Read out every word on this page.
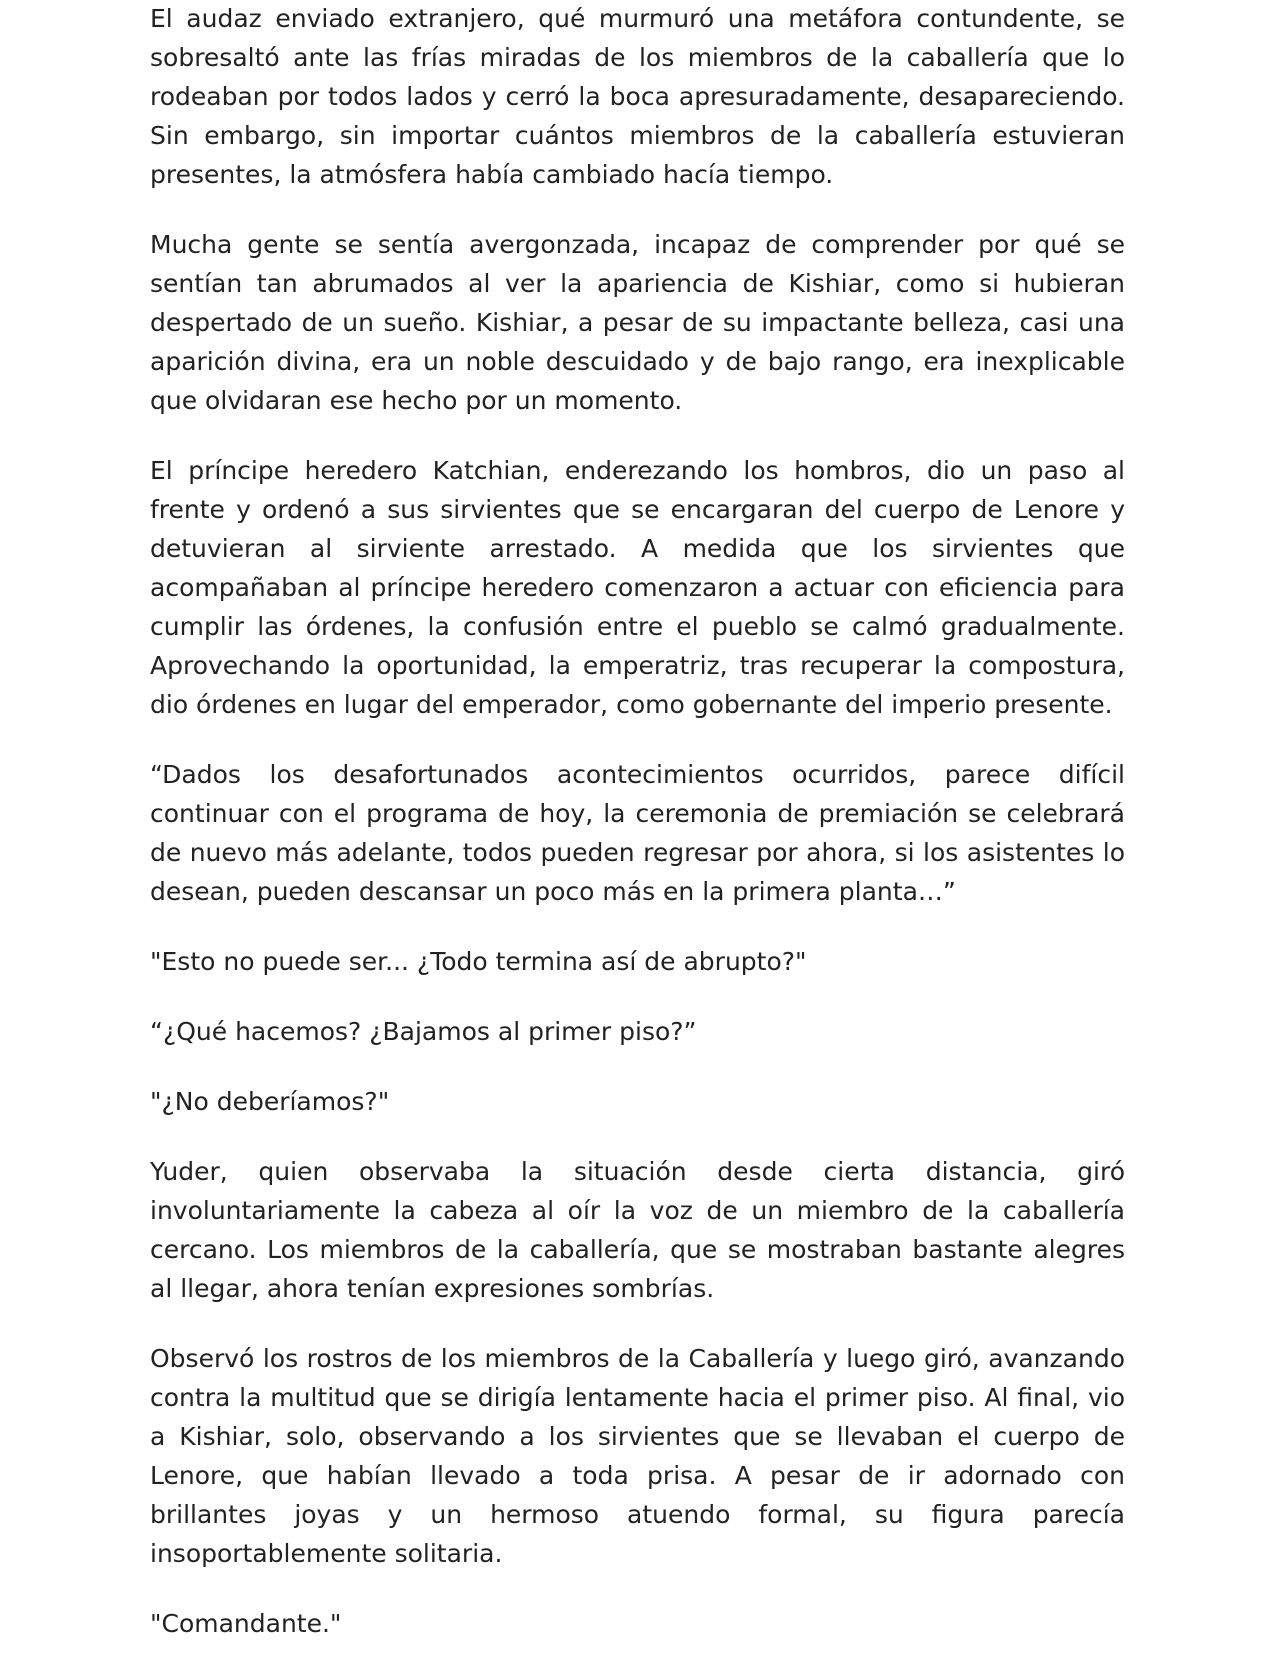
El audaz enviado extranjero, qué murmuró una metáfora contundente, se sobresaltó ante las frías miradas de los miembros de la caballería que lo rodeaban por todos lados y cerró la boca apresuradamente, desapareciendo. Sin embargo, sin importar cuántos miembros de la caballería estuvieran presentes, la atmósfera había cambiado hacía tiempo.

Mucha gente se sentía avergonzada, incapaz de comprender por qué se sentían tan abrumados al ver la apariencia de Kishiar, como si hubieran despertado de un sueño. Kishiar, a pesar de su impactante belleza, casi una aparición divina, era un noble descuidado y de bajo rango, era inexplicable que olvidaran ese hecho por un momento.

El príncipe heredero Katchian, enderezando los hombros, dio un paso al frente y ordenó a sus sirvientes que se encargaran del cuerpo de Lenore y detuvieran al sirviente arrestado. A medida que los sirvientes que acompañaban al príncipe heredero comenzaron a actuar con eficiencia para cumplir las órdenes, la confusión entre el pueblo se calmó gradualmente. Aprovechando la oportunidad, la emperatriz, tras recuperar la compostura, dio órdenes en lugar del emperador, como gobernante del imperio presente.

“Dados los desafortunados acontecimientos ocurridos, parece difícil continuar con el programa de hoy, la ceremonia de premiación se celebrará de nuevo más adelante, todos pueden regresar por ahora, si los asistentes lo desean, pueden descansar un poco más en la primera planta…”

"Esto no puede ser... ¿Todo termina así de abrupto?"

“¿Qué hacemos? ¿Bajamos al primer piso?”

"¿No deberíamos?"

Yuder, quien observaba la situación desde cierta distancia, giró involuntariamente la cabeza al oír la voz de un miembro de la caballería cercano. Los miembros de la caballería, que se mostraban bastante alegres al llegar, ahora tenían expresiones sombrías.

Observó los rostros de los miembros de la Caballería y luego giró, avanzando contra la multitud que se dirigía lentamente hacia el primer piso. Al final, vio a Kishiar, solo, observando a los sirvientes que se llevaban el cuerpo de Lenore, que habían llevado a toda prisa. A pesar de ir adornado con brillantes joyas y un hermoso atuendo formal, su figura parecía insoportablemente solitaria.

"Comandante."
